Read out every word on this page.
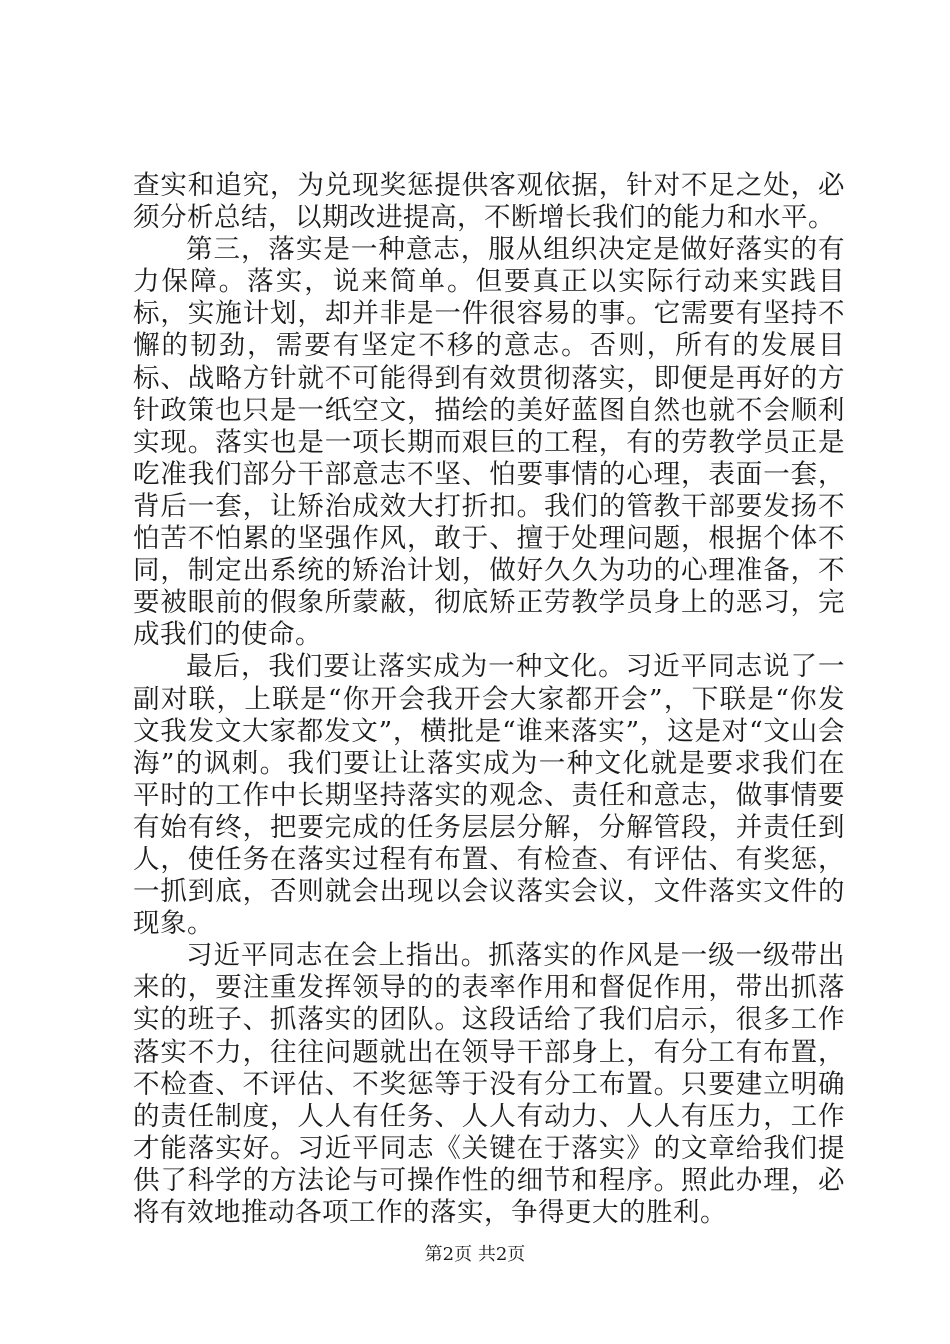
查实和追究，为兑现奖惩提供客观依据，针对不足之处，必须分析总结，以期改进提高，不断增长我们的能力和水平。

第三，落实是一种意志，服从组织决定是做好落实的有力保障。落实，说来简单。但要真正以实际行动来实践目标，实施计划，却并非是一件很容易的事。它需要有坚持不懈的韧劲，需要有坚定不移的意志。否则，所有的发展目标、战略方针就不可能得到有效贯彻落实，即便是再好的方针政策也只是一纸空文，描绘的美好蓝图自然也就不会顺利实现。落实也是一项长期而艰巨的工程，有的劳教学员正是吃准我们部分干部意志不坚、怕要事情的心理，表面一套，背后一套，让矫治成效大打折扣。我们的管教干部要发扬不怕苦不怕累的坚强作风，敢于、擅于处理问题，根据个体不同，制定出系统的矫治计划，做好久久为功的心理准备，不要被眼前的假象所蒙蔽，彻底矫正劳教学员身上的恶习，完成我们的使命。

最后，我们要让落实成为一种文化。习近平同志说了一副对联，上联是“你开会我开会大家都开会”，下联是“你发文我发文大家都发文”，横批是“谁来落实”，这是对“文山会海”的讽刺。我们要让让落实成为一种文化就是要求我们在平时的工作中长期坚持落实的观念、责任和意志，做事情要有始有终，把要完成的任务层层分解，分解管段，并责任到人，使任务在落实过程有布置、有检查、有评估、有奖惩，一抓到底，否则就会出现以会议落实会议，文件落实文件的现象。

习近平同志在会上指出。抓落实的作风是一级一级带出来的，要注重发挥领导的的表率作用和督促作用，带出抓落实的班子、抓落实的团队。这段话给了我们启示，很多工作落实不力，往往问题就出在领导干部身上，有分工有布置，不检查、不评估、不奖惩等于没有分工布置。只要建立明确的责任制度，人人有任务、人人有动力、人人有压力，工作才能落实好。习近平同志《关键在于落实》的文章给我们提供了科学的方法论与可操作性的细节和程序。照此办理，必将有效地推动各项工作的落实，争得更大的胜利。

第2页 共2页
